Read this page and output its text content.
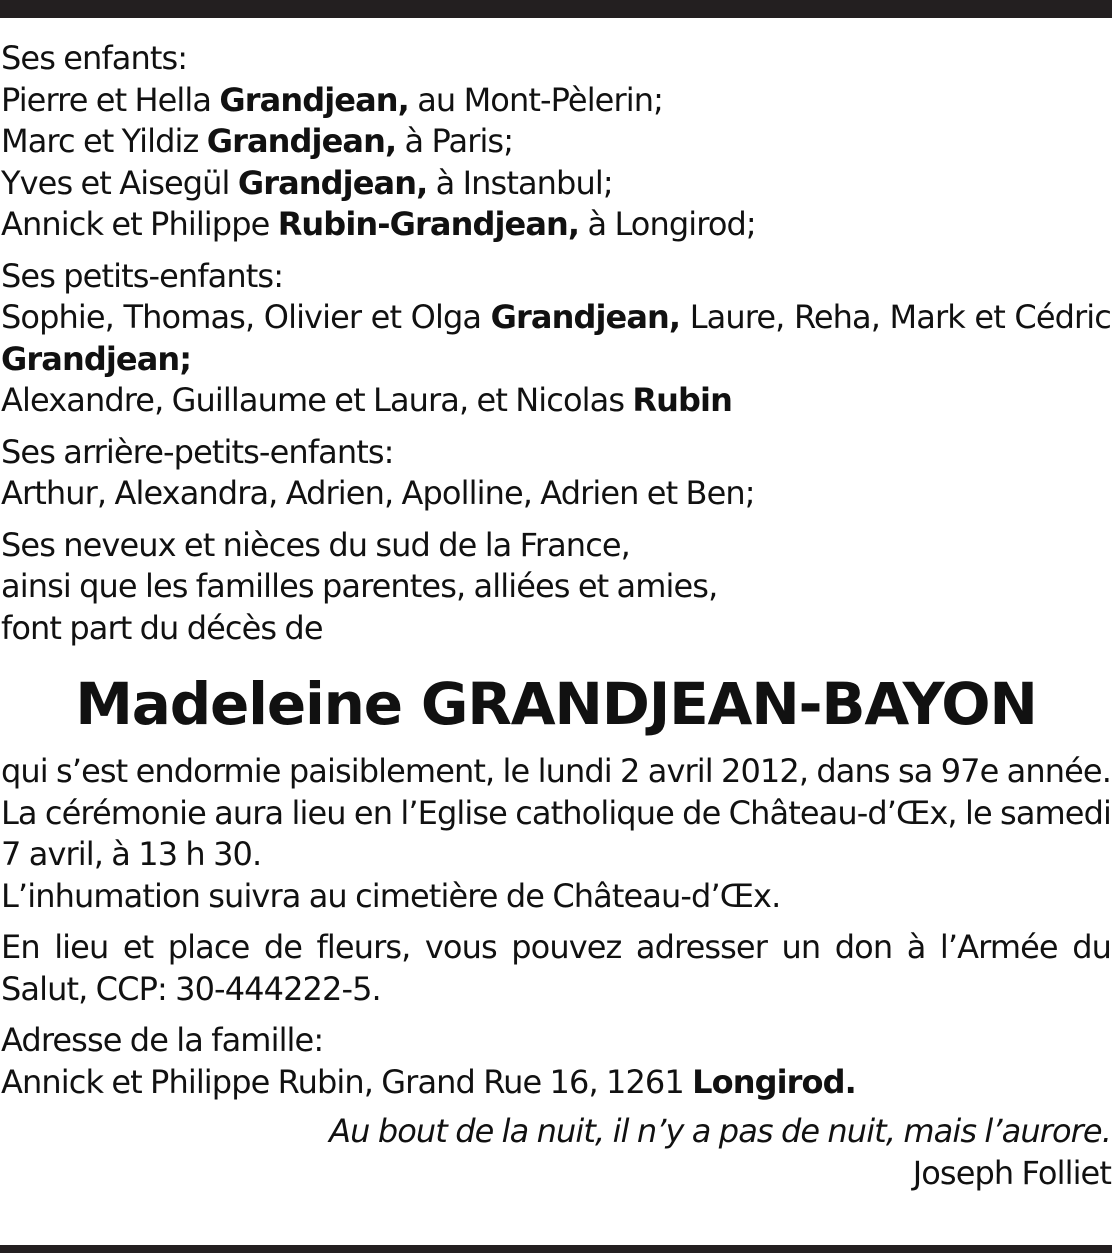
Ses enfants:
Pierre et Hella Grandjean, au Mont-Pèlerin;
Marc et Yildiz Grandjean, à Paris;
Yves et Aisegül Grandjean, à Instanbul;
Annick et Philippe Rubin-Grandjean, à Longirod;
Ses petits-enfants:
Sophie, Thomas, Olivier et Olga Grandjean, Laure, Reha, Mark et Cédric Grandjean;
Alexandre, Guillaume et Laura, et Nicolas Rubin
Ses arrière-petits-enfants:
Arthur, Alexandra, Adrien, Apolline, Adrien et Ben;
Ses neveux et nièces du sud de la France,
ainsi que les familles parentes, alliées et amies,
font part du décès de
Madeleine GRANDJEAN-BAYON
qui s’est endormie paisiblement, le lundi 2 avril 2012, dans sa 97e année.
La cérémonie aura lieu en l’Eglise catholique de Château-d’Œx, le samedi 7 avril, à 13 h 30.
L’inhumation suivra au cimetière de Château-d’Œx.
En lieu et place de fleurs, vous pouvez adresser un don à l’Armée du Salut, CCP: 30-444222-5.
Adresse de la famille:
Annick et Philippe Rubin, Grand Rue 16, 1261 Longirod.
Au bout de la nuit, il n’y a pas de nuit, mais l’aurore.
Joseph Folliet
